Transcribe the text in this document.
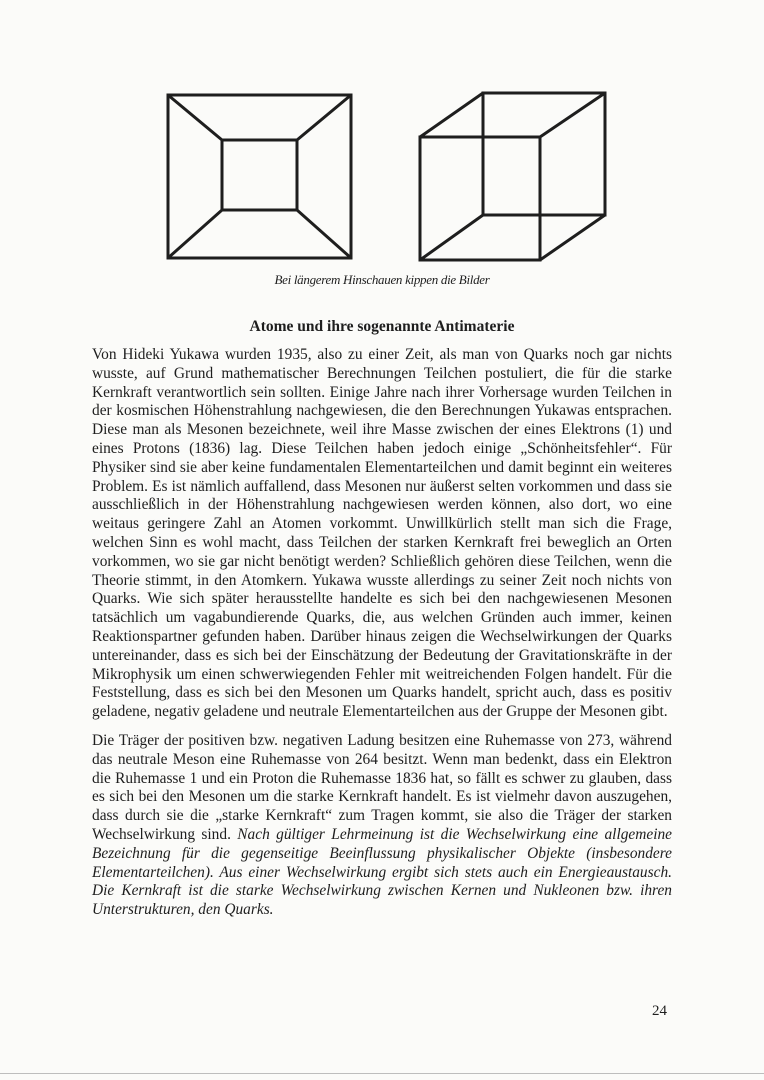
Bei längerem Hinschauen kippen die Bilder
Atome und ihre sogenannte Antimaterie

Von Hideki Yukawa wurden 1935, also zu einer Zeit, als man von Quarks noch gar nichts wusste, auf Grund mathematischer Berechnungen Teilchen postuliert, die für die starke Kernkraft verantwortlich sein sollten. Einige Jahre nach ihrer Vorhersage wurden Teilchen in der kosmischen Höhenstrahlung nachgewiesen, die den Berechnungen Yukawas entsprachen. Diese man als Mesonen bezeichnete, weil ihre Masse zwischen der eines Elektrons (1) und eines Protons (1836) lag. Diese Teilchen haben jedoch einige „Schönheitsfehler“. Für Physiker sind sie aber keine fundamentalen Elementarteilchen und damit beginnt ein weiteres Problem. Es ist nämlich auffallend, dass Mesonen nur äußerst selten vorkommen und dass sie ausschließlich in der Höhenstrahlung nachgewiesen werden können, also dort, wo eine weitaus geringere Zahl an Atomen vorkommt. Unwillkürlich stellt man sich die Frage, welchen Sinn es wohl macht, dass Teilchen der starken Kernkraft frei beweglich an Orten vorkommen, wo sie gar nicht benötigt werden? Schließlich gehören diese Teilchen, wenn die Theorie stimmt, in den Atomkern. Yukawa wusste allerdings zu seiner Zeit noch nichts von Quarks. Wie sich später herausstellte handelte es sich bei den nachgewiesenen Mesonen tatsächlich um vagabundierende Quarks, die, aus welchen Gründen auch immer, keinen Reaktionspartner gefunden haben. Darüber hinaus zeigen die Wechselwirkungen der Quarks untereinander, dass es sich bei der Einschätzung der Bedeutung der Gravitationskräfte in der Mikrophysik um einen schwerwiegenden Fehler mit weitreichenden Folgen handelt. Für die Feststellung, dass es sich bei den Mesonen um Quarks handelt, spricht auch, dass es positiv geladene, negativ geladene und neutrale Elementarteilchen aus der Gruppe der Mesonen gibt.

Die Träger der positiven bzw. negativen Ladung besitzen eine Ruhemasse von 273, während das neutrale Meson eine Ruhemasse von 264 besitzt. Wenn man bedenkt, dass ein Elektron die Ruhemasse 1 und ein Proton die Ruhemasse 1836 hat, so fällt es schwer zu glauben, dass es sich bei den Mesonen um die starke Kernkraft handelt. Es ist vielmehr davon auszugehen, dass durch sie die „starke Kernkraft“ zum Tragen kommt, sie also die Träger der starken Wechselwirkung sind. Nach gültiger Lehrmeinung ist die Wechselwirkung eine allgemeine Bezeichnung für die gegenseitige Beeinflussung physikalischer Objekte (insbesondere Elementarteilchen). Aus einer Wechselwirkung ergibt sich stets auch ein Energieaustausch. Die Kernkraft ist die starke Wechselwirkung zwischen Kernen und Nukleonen bzw. ihren Unterstrukturen, den Quarks.

24
